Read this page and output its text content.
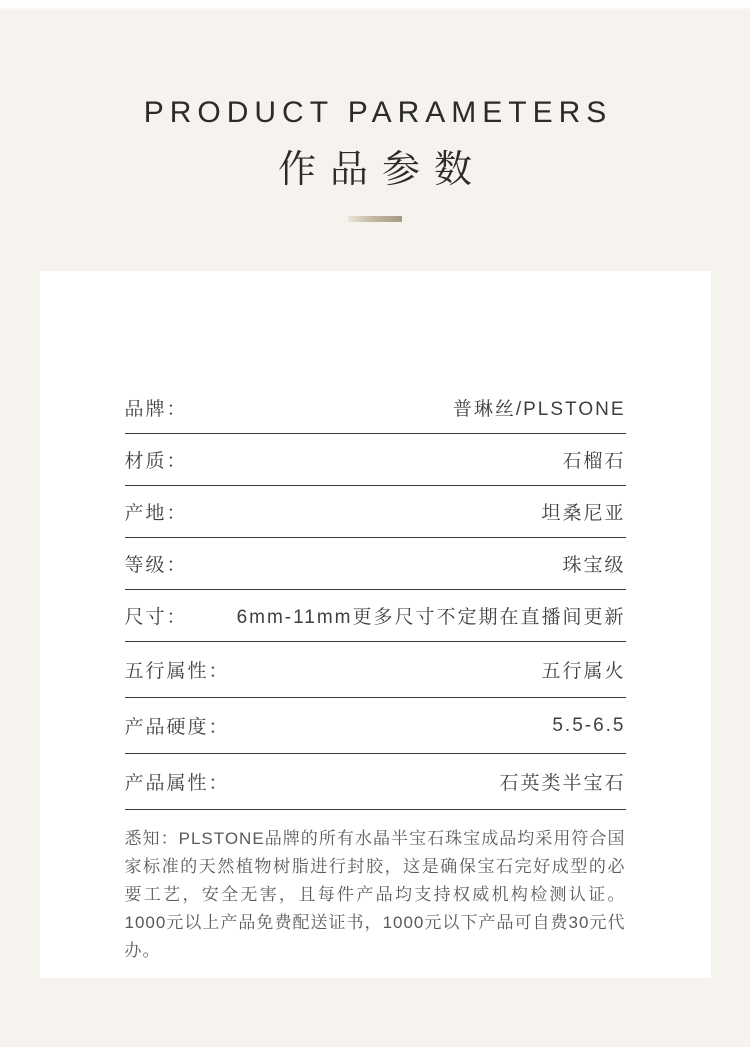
PRODUCT PARAMETERS
作品参数
品牌：	普琳丝/PLSTONE
材质：	石榴石
产地：	坦桑尼亚
等级：	珠宝级
尺寸：	6mm-11mm更多尺寸不定期在直播间更新
五行属性：	五行属火
产品硬度：	5.5-6.5
产品属性：	石英类半宝石

悉知：PLSTONE品牌的所有水晶半宝石珠宝成品均采用符合国家标准的天然植物树脂进行封胶，这是确保宝石完好成型的必要工艺，安全无害，且每件产品均支持权威机构检测认证。1000元以上产品免费配送证书，1000元以下产品可自费30元代办。
